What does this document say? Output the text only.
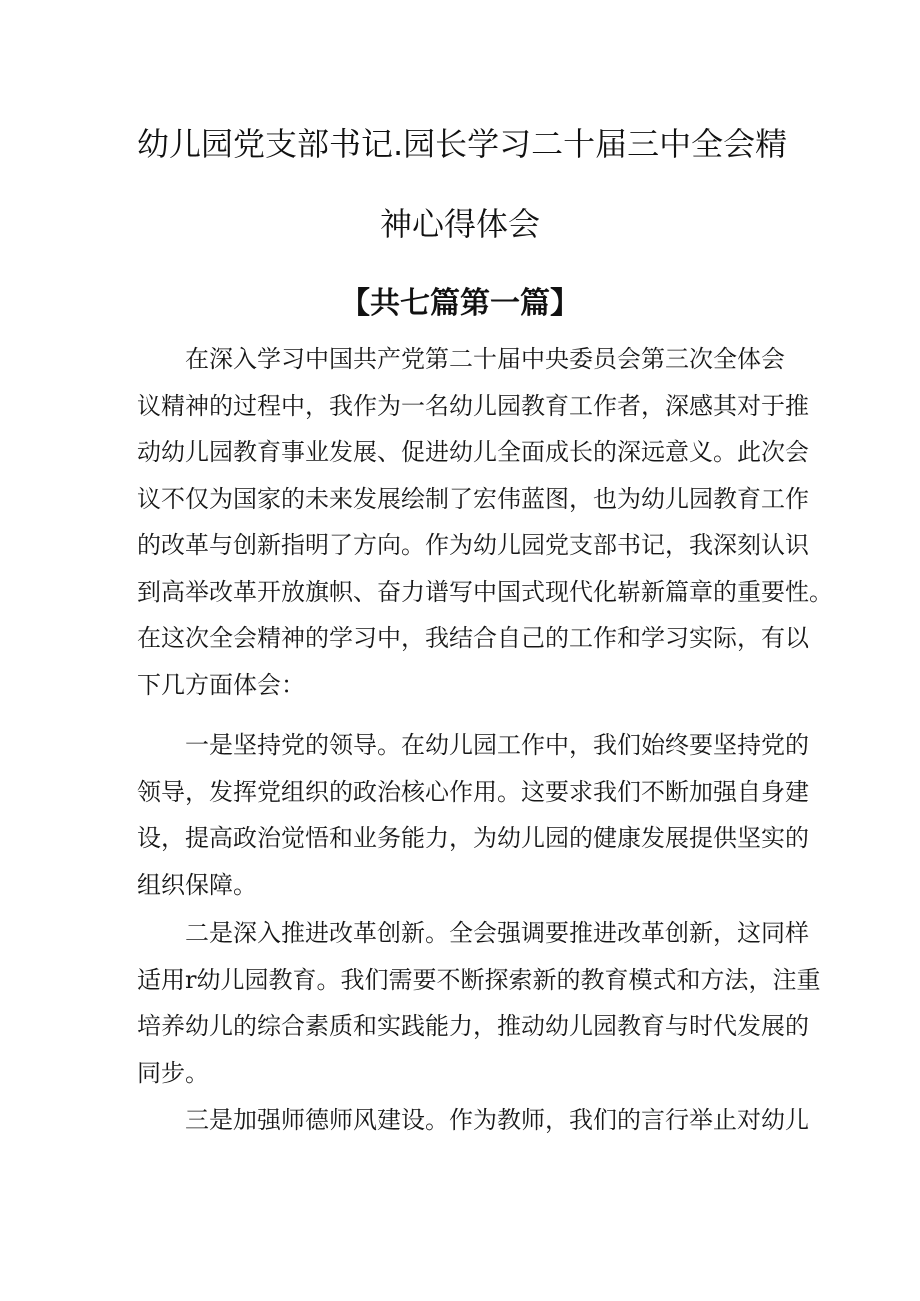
幼儿园党支部书记.园长学习二十届三中全会精
神心得体会
【共七篇第一篇】
　　在深入学习中国共产党第二十届中央委员会第三次全体会
议精神的过程中，我作为一名幼儿园教育工作者，深感其对于推
动幼儿园教育事业发展、促进幼儿全面成长的深远意义。此次会
议不仅为国家的未来发展绘制了宏伟蓝图，也为幼儿园教育工作
的改革与创新指明了方向。作为幼儿园党支部书记，我深刻认识
到高举改革开放旗帜、奋力谱写中国式现代化崭新篇章的重要性。
在这次全会精神的学习中，我结合自己的工作和学习实际，有以
下几方面体会：
　　一是坚持党的领导。在幼儿园工作中，我们始终要坚持党的
领导，发挥党组织的政治核心作用。这要求我们不断加强自身建
设，提高政治觉悟和业务能力，为幼儿园的健康发展提供坚实的
组织保障。
　　二是深入推进改革创新。全会强调要推进改革创新，这同样
适用r幼儿园教育。我们需要不断探索新的教育模式和方法，注重
培养幼儿的综合素质和实践能力，推动幼儿园教育与时代发展的
同步。
　　三是加强师德师风建设。作为教师，我们的言行举止对幼儿
